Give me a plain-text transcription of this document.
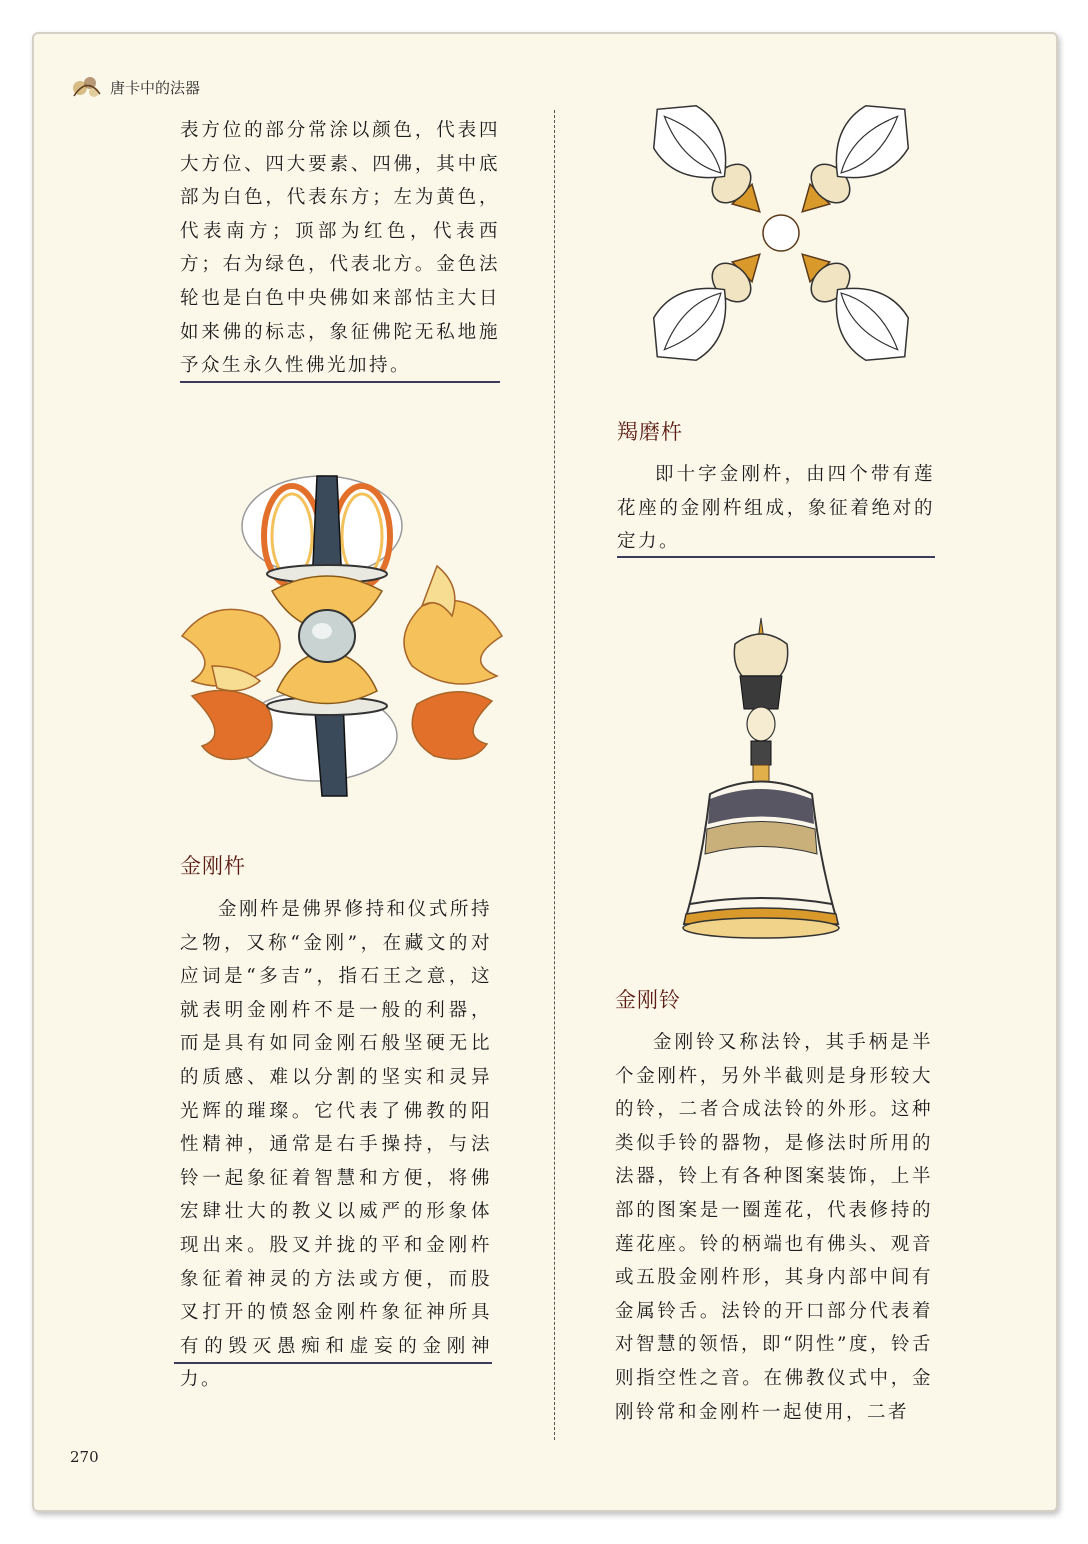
唐卡中的法器

表方位的部分常涂以颜色，代表四大方位、四大要素、四佛，其中底部为白色，代表东方；左为黄色，代表南方；顶部为红色，代表西方；右为绿色，代表北方。金色法轮也是白色中央佛如来部怙主大日如来佛的标志，象征佛陀无私地施予众生永久性佛光加持。

金刚杵

金刚杵是佛界修持和仪式所持之物，又称“金刚”，在藏文的对应词是“多吉”，指石王之意，这就表明金刚杵不是一般的利器，而是具有如同金刚石般坚硬无比的质感、难以分割的坚实和灵异光辉的璀璨。它代表了佛教的阳性精神，通常是右手操持，与法铃一起象征着智慧和方便，将佛宏肆壮大的教义以威严的形象体现出来。股叉并拢的平和金刚杵象征着神灵的方法或方便，而股叉打开的愤怒金刚杵象征神所具有的毁灭愚痴和虚妄的金刚神力。

羯磨杵

即十字金刚杵，由四个带有莲花座的金刚杵组成，象征着绝对的定力。

金刚铃

金刚铃又称法铃，其手柄是半个金刚杵，另外半截则是身形较大的铃，二者合成法铃的外形。这种类似手铃的器物，是修法时所用的法器，铃上有各种图案装饰，上半部的图案是一圈莲花，代表修持的莲花座。铃的柄端也有佛头、观音或五股金刚杵形，其身内部中间有金属铃舌。法铃的开口部分代表着对智慧的领悟，即“阴性”度，铃舌则指空性之音。在佛教仪式中，金刚铃常和金刚杵一起使用，二者

270
